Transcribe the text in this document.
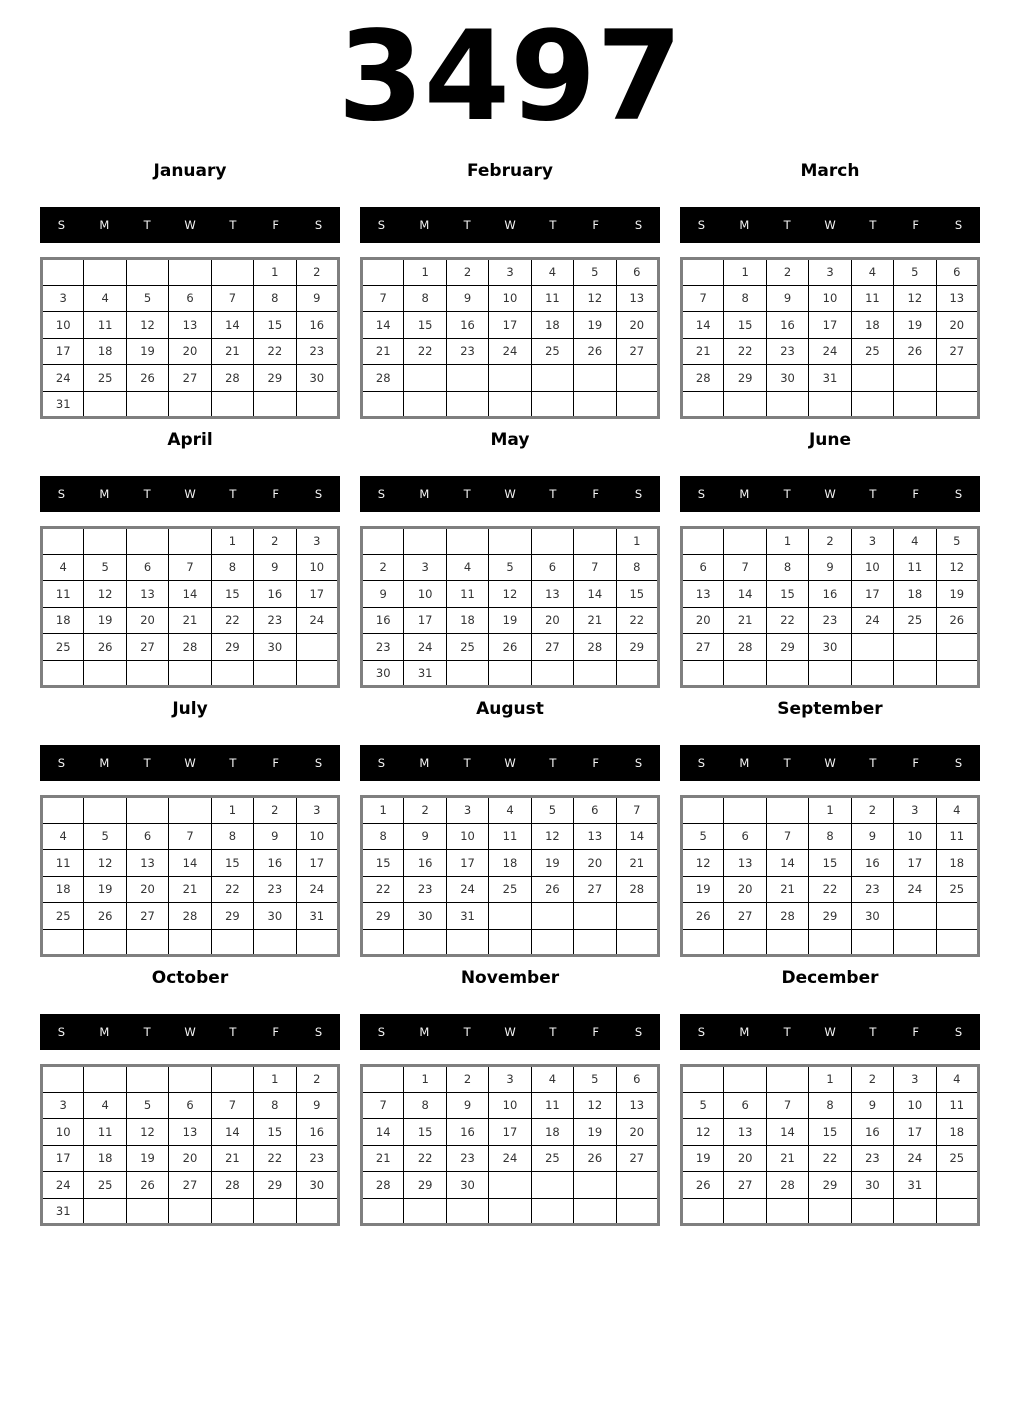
3497
January
S	M	T	W	T	F	S
					1	2
3	4	5	6	7	8	9
10	11	12	13	14	15	16
17	18	19	20	21	22	23
24	25	26	27	28	29	30
31						
February
S	M	T	W	T	F	S
	1	2	3	4	5	6
7	8	9	10	11	12	13
14	15	16	17	18	19	20
21	22	23	24	25	26	27
28						

March
S	M	T	W	T	F	S
	1	2	3	4	5	6
7	8	9	10	11	12	13
14	15	16	17	18	19	20
21	22	23	24	25	26	27
28	29	30	31			

April
S	M	T	W	T	F	S
				1	2	3
4	5	6	7	8	9	10
11	12	13	14	15	16	17
18	19	20	21	22	23	24
25	26	27	28	29	30	

May
S	M	T	W	T	F	S
						1
2	3	4	5	6	7	8
9	10	11	12	13	14	15
16	17	18	19	20	21	22
23	24	25	26	27	28	29
30	31					
June
S	M	T	W	T	F	S
		1	2	3	4	5
6	7	8	9	10	11	12
13	14	15	16	17	18	19
20	21	22	23	24	25	26
27	28	29	30			

July
S	M	T	W	T	F	S
				1	2	3
4	5	6	7	8	9	10
11	12	13	14	15	16	17
18	19	20	21	22	23	24
25	26	27	28	29	30	31

August
S	M	T	W	T	F	S
1	2	3	4	5	6	7
8	9	10	11	12	13	14
15	16	17	18	19	20	21
22	23	24	25	26	27	28
29	30	31				

September
S	M	T	W	T	F	S
			1	2	3	4
5	6	7	8	9	10	11
12	13	14	15	16	17	18
19	20	21	22	23	24	25
26	27	28	29	30		

October
S	M	T	W	T	F	S
					1	2
3	4	5	6	7	8	9
10	11	12	13	14	15	16
17	18	19	20	21	22	23
24	25	26	27	28	29	30
31						
November
S	M	T	W	T	F	S
	1	2	3	4	5	6
7	8	9	10	11	12	13
14	15	16	17	18	19	20
21	22	23	24	25	26	27
28	29	30				

December
S	M	T	W	T	F	S
			1	2	3	4
5	6	7	8	9	10	11
12	13	14	15	16	17	18
19	20	21	22	23	24	25
26	27	28	29	30	31	
